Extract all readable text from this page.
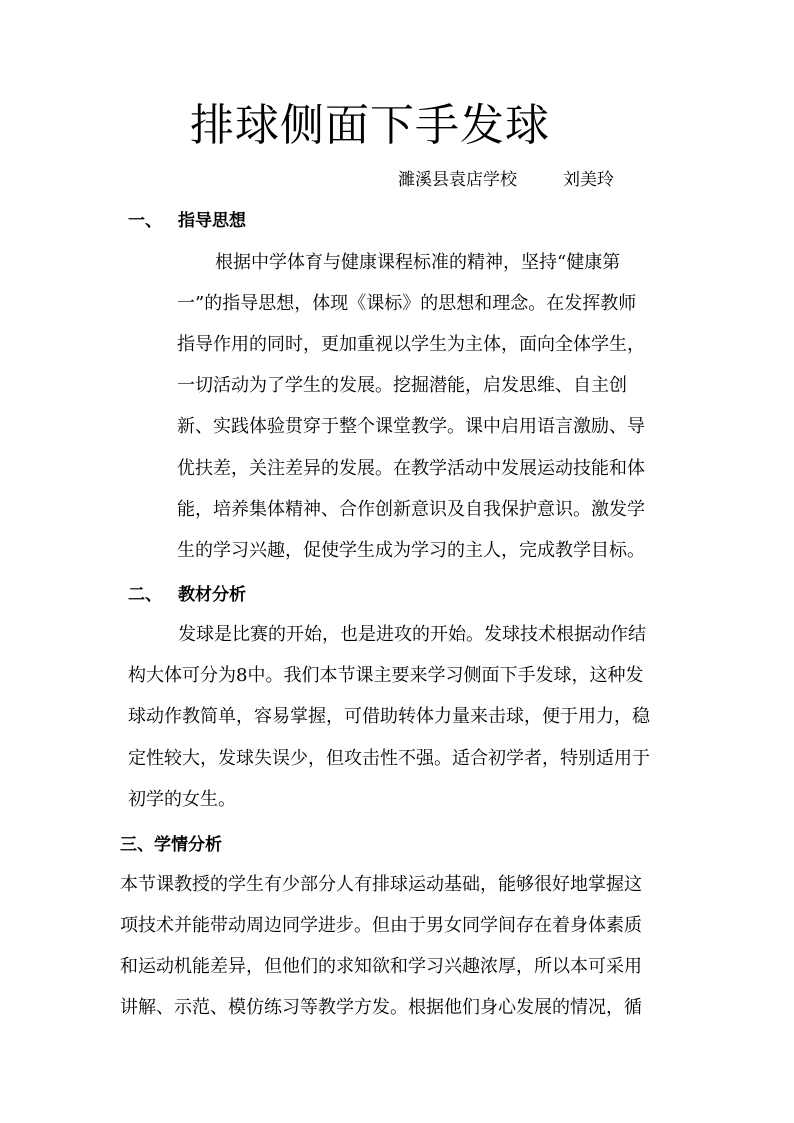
排球侧面下手发球
濉溪县袁店学校	刘美玲
一、 指导思想
根据中学体育与健康课程标准的精神，坚持“健康第
一”的指导思想，体现《课标》的思想和理念。在发挥教师
指导作用的同时，更加重视以学生为主体，面向全体学生，
一切活动为了学生的发展。挖掘潜能，启发思维、自主创
新、实践体验贯穿于整个课堂教学。课中启用语言激励、导
优扶差，关注差异的发展。在教学活动中发展运动技能和体
能，培养集体精神、合作创新意识及自我保护意识。激发学
生的学习兴趣，促使学生成为学习的主人，完成教学目标。
二、 教材分析
发球是比赛的开始，也是进攻的开始。发球技术根据动作结
构大体可分为8中。我们本节课主要来学习侧面下手发球，这种发
球动作教简单，容易掌握，可借助转体力量来击球，便于用力，稳
定性较大，发球失误少，但攻击性不强。适合初学者，特别适用于
初学的女生。
三、学情分析
本节课教授的学生有少部分人有排球运动基础，能够很好地掌握这
项技术并能带动周边同学进步。但由于男女同学间存在着身体素质
和运动机能差异，但他们的求知欲和学习兴趣浓厚，所以本可采用
讲解、示范、模仿练习等教学方发。根据他们身心发展的情况，循
